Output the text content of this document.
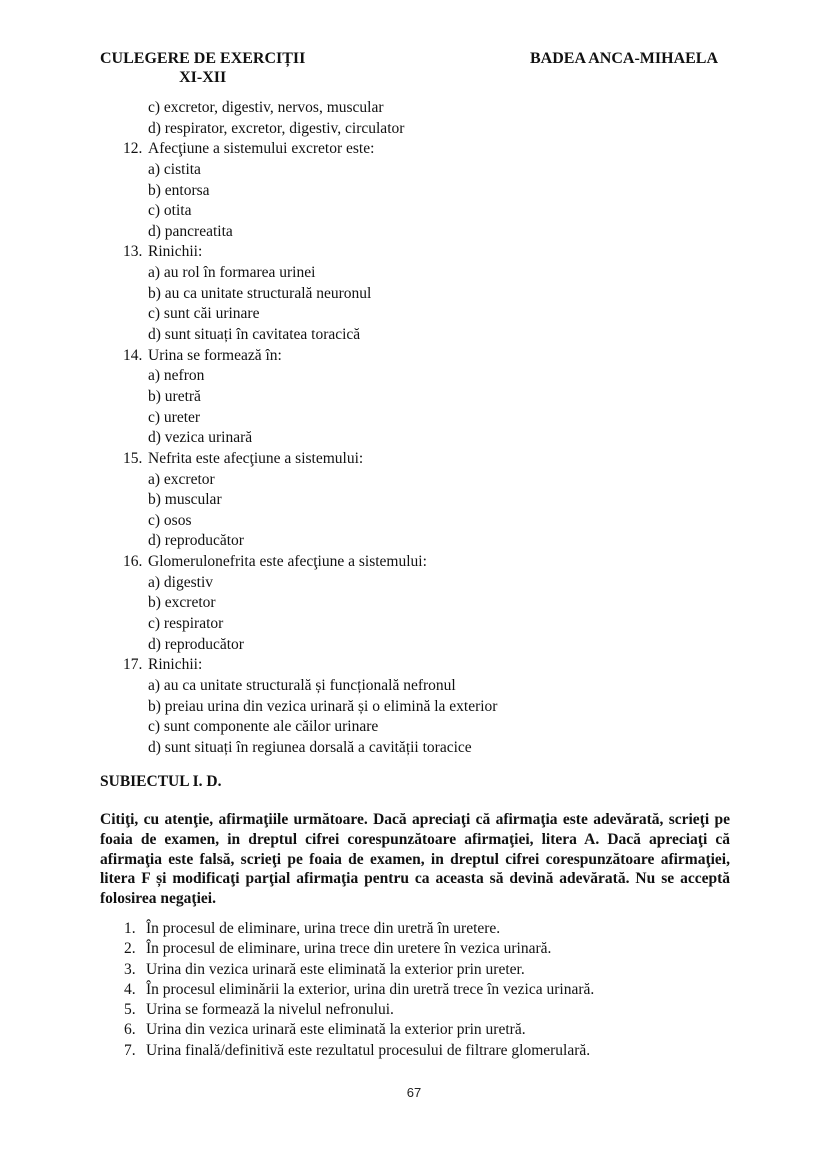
CULEGERE DE EXERCIȚII
XI-XII
BADEA ANCA-MIHAELA
c) excretor, digestiv, nervos, muscular
d) respirator, excretor, digestiv, circulator
12. Afecţiune a sistemului excretor este:
a) cistita
b) entorsa
c) otita
d) pancreatita
13. Rinichii:
a) au rol în formarea urinei
b) au ca unitate structurală neuronul
c) sunt căi urinare
d) sunt situați în cavitatea toracică
14. Urina se formează în:
a) nefron
b) uretră
c) ureter
d) vezica urinară
15. Nefrita este afecţiune a sistemului:
a) excretor
b) muscular
c) osos
d) reproducător
16. Glomerulonefrita este afecţiune a sistemului:
a) digestiv
b) excretor
c) respirator
d) reproducător
17. Rinichii:
a) au ca unitate structurală și funcțională nefronul
b) preiau urina din vezica urinară și o elimină la exterior
c) sunt componente ale căilor urinare
d) sunt situați în regiunea dorsală a cavității toracice
SUBIECTUL I. D.
Citiţi, cu atenţie, afirmaţiile următoare. Dacă apreciaţi că afirmaţia este adevărată, scrieţi pe foaia de examen, in dreptul cifrei corespunzătoare afirmaţiei, litera A. Dacă apreciaţi că afirmaţia este falsă, scrieţi pe foaia de examen, in dreptul cifrei corespunzătoare afirmaţiei, litera F și modificaţi parţial afirmaţia pentru ca aceasta să devină adevărată. Nu se acceptă folosirea negaţiei.
1. În procesul de eliminare, urina trece din uretră în uretere.
2. În procesul de eliminare, urina trece din uretere în vezica urinară.
3. Urina din vezica urinară este eliminată la exterior prin ureter.
4. În procesul eliminării la exterior, urina din uretră trece în vezica urinară.
5. Urina se formează la nivelul nefronului.
6. Urina din vezica urinară este eliminată la exterior prin uretră.
7. Urina finală/definitivă este rezultatul procesului de filtrare glomerulară.
67
